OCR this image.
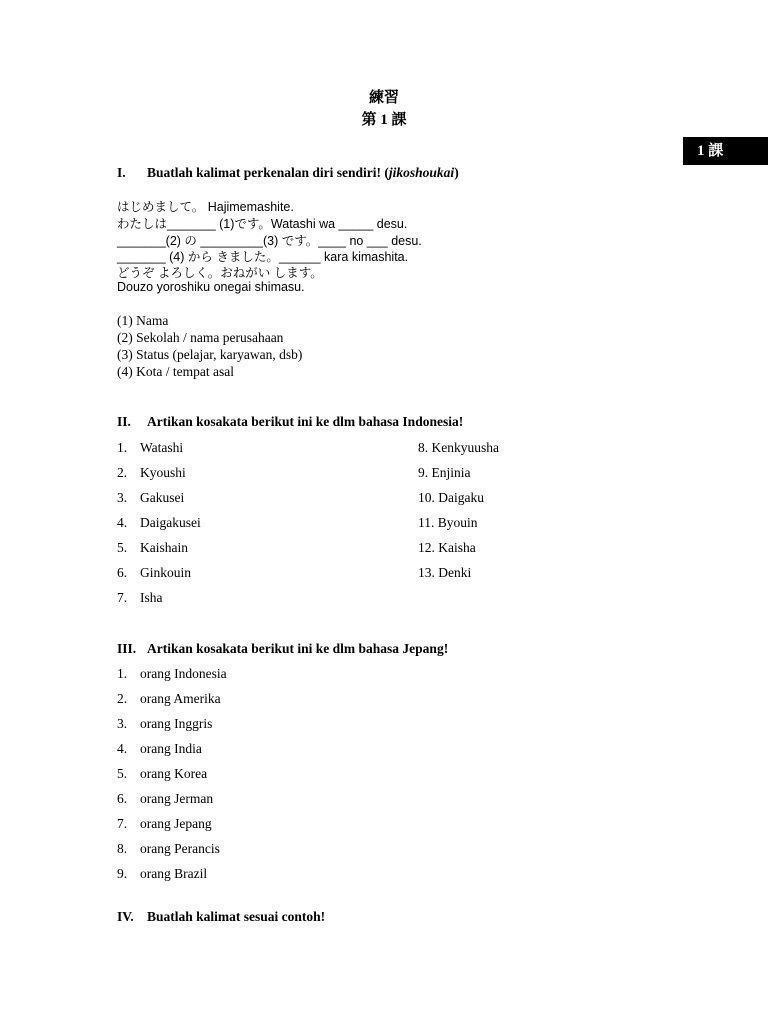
練習
第 1 課
1 課
I. Buatlah kalimat perkenalan diri sendiri! (jikoshoukai)
はじめまして。 Hajimemashite.
わたしは_______ (1)です。Watashi wa _____ desu.
_______(2) の _________(3) です。____ no ___ desu.
_______ (4) から きました。______ kara kimashita.
どうぞ よろしく。おねがい します。
Douzo yoroshiku onegai shimasu.
(1) Nama
(2) Sekolah / nama perusahaan
(3) Status (pelajar, karyawan, dsb)
(4) Kota / tempat asal
II. Artikan kosakata berikut ini ke dlm bahasa Indonesia!
1. Watashi
2. Kyoushi
3. Gakusei
4. Daigakusei
5. Kaishain
6. Ginkouin
7. Isha
8. Kenkyuusha
9. Enjinia
10. Daigaku
11. Byouin
12. Kaisha
13. Denki
III. Artikan kosakata berikut ini ke dlm bahasa Jepang!
1. orang Indonesia
2. orang Amerika
3. orang Inggris
4. orang India
5. orang Korea
6. orang Jerman
7. orang Jepang
8. orang Perancis
9. orang Brazil
IV. Buatlah kalimat sesuai contoh!
